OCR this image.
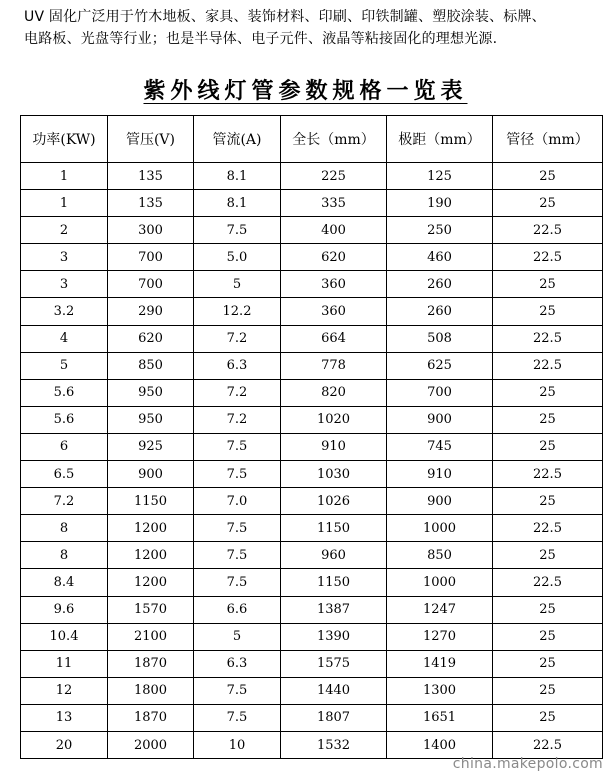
UV 固化广泛用于竹木地板、家具、装饰材料、印刷、印铁制罐、塑胶涂装、标牌、
电路板、光盘等行业；也是半导体、电子元件、液晶等粘接固化的理想光源.
紫外线灯管参数规格一览表
功率(KW)	管压(V)	管流(A)	全长（mm）	极距（mm）	管径（mm）
1	135	8.1	225	125	25
1	135	8.1	335	190	25
2	300	7.5	400	250	22.5
3	700	5.0	620	460	22.5
3	700	5	360	260	25
3.2	290	12.2	360	260	25
4	620	7.2	664	508	22.5
5	850	6.3	778	625	22.5
5.6	950	7.2	820	700	25
5.6	950	7.2	1020	900	25
6	925	7.5	910	745	25
6.5	900	7.5	1030	910	22.5
7.2	1150	7.0	1026	900	25
8	1200	7.5	1150	1000	22.5
8	1200	7.5	960	850	25
8.4	1200	7.5	1150	1000	22.5
9.6	1570	6.6	1387	1247	25
10.4	2100	5	1390	1270	25
11	1870	6.3	1575	1419	25
12	1800	7.5	1440	1300	25
13	1870	7.5	1807	1651	25
20	2000	10	1532	1400	22.5
china.makepolo.com
